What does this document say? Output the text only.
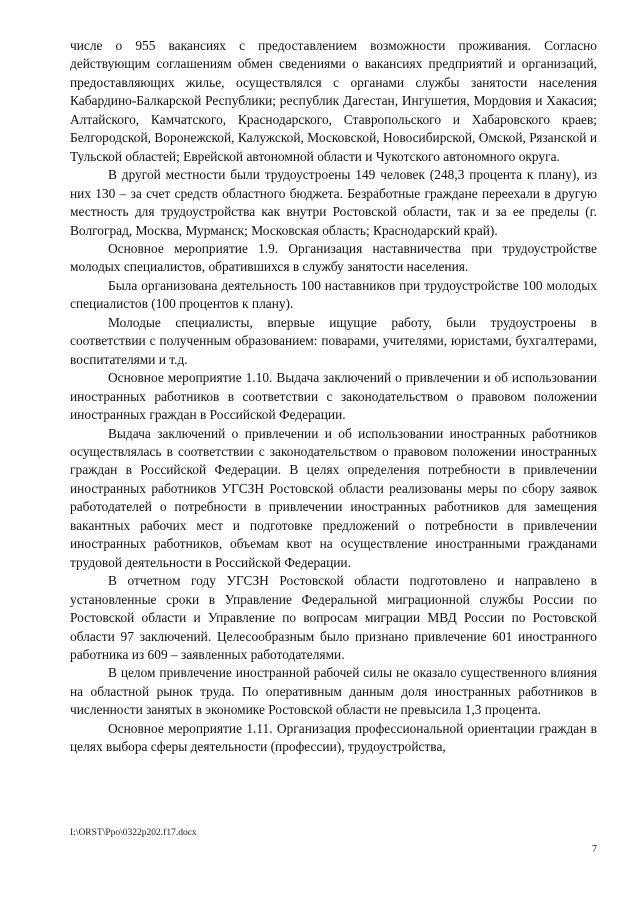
числе о 955 вакансиях с предоставлением возможности проживания. Согласно действующим соглашениям обмен сведениями о вакансиях предприятий и организаций, предоставляющих жилье, осуществлялся с органами службы занятости населения Кабардино-Балкарской Республики; республик Дагестан, Ингушетия, Мордовия и Хакасия; Алтайского, Камчатского, Краснодарского, Ставропольского и Хабаровского краев; Белгородской, Воронежской, Калужской, Московской, Новосибирской, Омской, Рязанской и Тульской областей; Еврейской автономной области и Чукотского автономного округа.

В другой местности были трудоустроены 149 человек (248,3 процента к плану), из них 130 – за счет средств областного бюджета. Безработные граждане переехали в другую местность для трудоустройства как внутри Ростовской области, так и за ее пределы (г. Волгоград, Москва, Мурманск; Московская область; Краснодарский край).

Основное мероприятие 1.9. Организация наставничества при трудоустройстве молодых специалистов, обратившихся в службу занятости населения.

Была организована деятельность 100 наставников при трудоустройстве 100 молодых специалистов (100 процентов к плану).

Молодые специалисты, впервые ищущие работу, были трудоустроены в соответствии с полученным образованием: поварами, учителями, юристами, бухгалтерами, воспитателями и т.д.

Основное мероприятие 1.10. Выдача заключений о привлечении и об использовании иностранных работников в соответствии с законодательством о правовом положении иностранных граждан в Российской Федерации.

Выдача заключений о привлечении и об использовании иностранных работников осуществлялась в соответствии с законодательством о правовом положении иностранных граждан в Российской Федерации. В целях определения потребности в привлечении иностранных работников УГСЗН Ростовской области реализованы меры по сбору заявок работодателей о потребности в привлечении иностранных работников для замещения вакантных рабочих мест и подготовке предложений о потребности в привлечении иностранных работников, объемам квот на осуществление иностранными гражданами трудовой деятельности в Российской Федерации.

В отчетном году УГСЗН Ростовской области подготовлено и направлено в установленные сроки в Управление Федеральной миграционной службы России по Ростовской области и Управление по вопросам миграции МВД России по Ростовской области 97 заключений. Целесообразным было признано привлечение 601 иностранного работника из 609 – заявленных работодателями.

В целом привлечение иностранной рабочей силы не оказало существенного влияния на областной рынок труда. По оперативным данным доля иностранных работников в численности занятых в экономике Ростовской области не превысила 1,3 процента.

Основное мероприятие 1.11. Организация профессиональной ориентации граждан в целях выбора сферы деятельности (профессии), трудоустройства,

I:\ORST\Ppo\0322p202.f17.docx
7
